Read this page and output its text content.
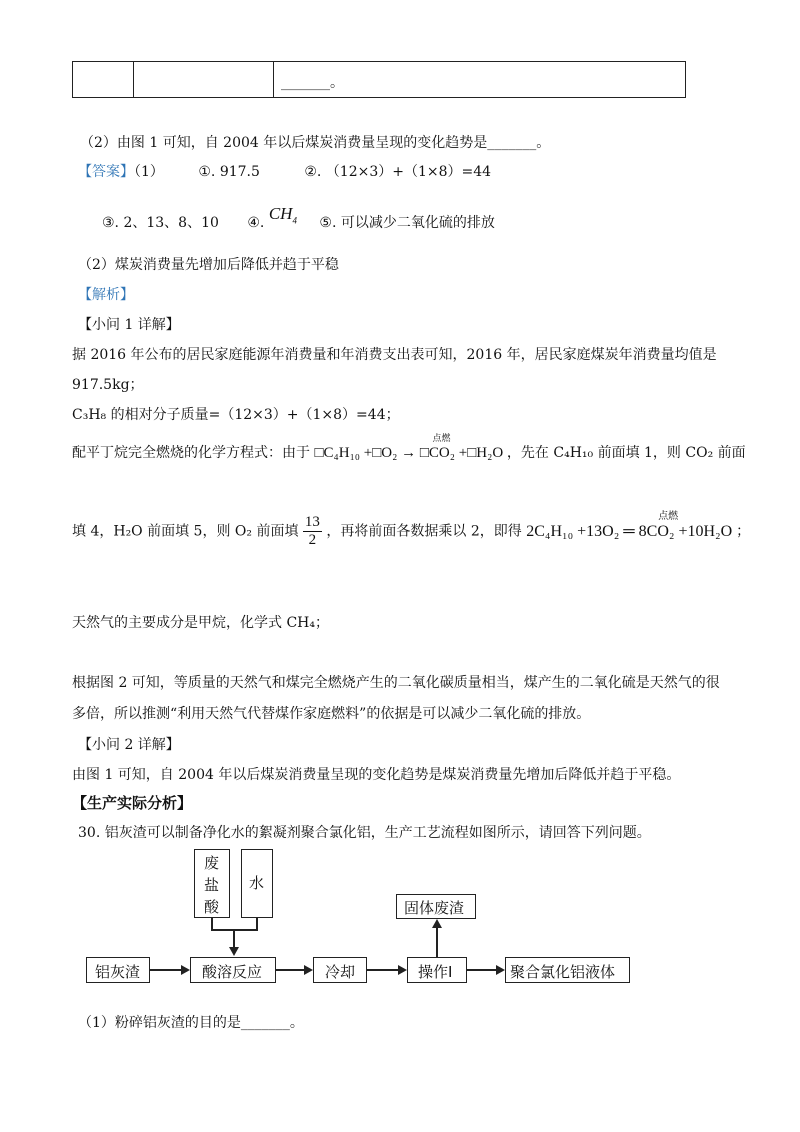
_______。
（2）由图 1 可知，自 2004 年以后煤炭消费量呈现的变化趋势是_______。
【答案】（1） ①. 917.5	②. （12×3）+（1×8）=44
③. 2、13、8、10 ④. $CH_4$ ⑤. 可以减少二氧化硫的排放
（2）煤炭消费量先增加后降低并趋于平稳
【解析】
【小问 1 详解】
据 2016 年公布的居民家庭能源年消费量和年消费支出表可知，2016 年，居民家庭煤炭年消费量均值是
917.5kg；
C₃H₈ 的相对分子质量=（12×3）+（1×8）=44；
配平丁烷完全燃烧的化学方程式：由于
点燃
□C₄H₁₀ +□O₂ → □CO₂ +□H₂O ，先在 C₄H₁₀ 前面填 1，则 CO₂ 前面
填 4，H₂O 前面填 5，则 O₂ 前面填 $\frac{13}{2}$ ，再将前面各数据乘以 2，即得
点燃
2C₄H₁₀ +13O₂ ═ 8CO₂ +10H₂O ；
天然气的主要成分是甲烷，化学式 CH₄；
根据图 2 可知，等质量的天然气和煤完全燃烧产生的二氧化碳质量相当，煤产生的二氧化硫是天然气的很
多倍，所以推测“利用天然气代替煤作家庭燃料”的依据是可以减少二氧化硫的排放。
【小问 2 详解】
由图 1 可知，自 2004 年以后煤炭消费量呈现的变化趋势是煤炭消费量先增加后降低并趋于平稳。
【生产实际分析】
30. 铝灰渣可以制备净化水的絮凝剂聚合氯化铝，生产工艺流程如图所示，请回答下列问题。
废
盐
酸
水
固体废渣
铝灰渣	酸溶反应	冷却	操作I	聚合氯化铝液体
（1）粉碎铝灰渣的目的是_______。
